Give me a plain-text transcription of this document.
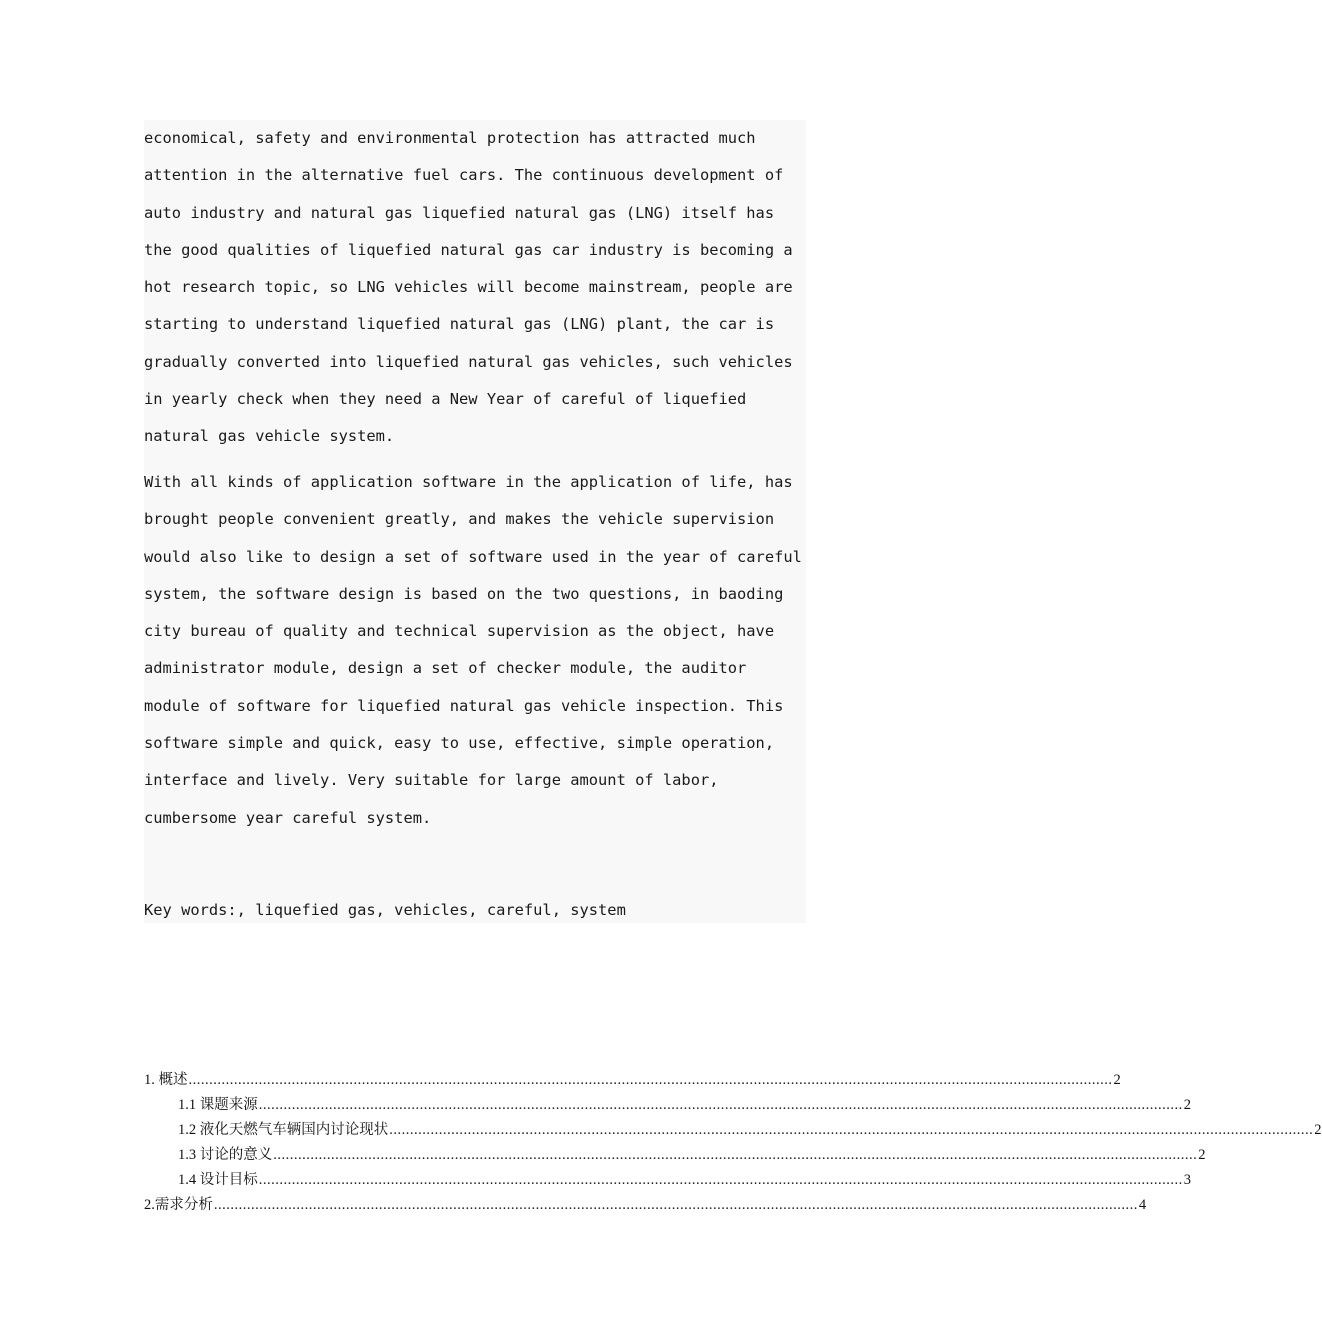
economical, safety and environmental protection has attracted much attention in the alternative fuel cars. The continuous development of auto industry and natural gas liquefied natural gas (LNG) itself has the good qualities of liquefied natural gas car industry is becoming a hot research topic, so LNG vehicles will become mainstream, people are starting to understand liquefied natural gas (LNG) plant, the car is gradually converted into liquefied natural gas vehicles, such vehicles in yearly check when they need a New Year of careful of liquefied natural gas vehicle system.

With all kinds of application software in the application of life, has brought people convenient greatly, and makes the vehicle supervision would also like to design a set of software used in the year of careful system, the software design is based on the two questions, in baoding city bureau of quality and technical supervision as the object, have administrator module, design a set of checker module, the auditor module of software for liquefied natural gas vehicle inspection. This software simple and quick, easy to use, effective, simple operation, interface and lively. Very suitable for large amount of labor, cumbersome year careful system.

Key words:, liquefied gas, vehicles, careful, system
1. 概述 ................................................................................................................................................................................................................................ 2
1.1 课题来源 ................................................................................................................................................................................................................................ 2
1.2 液化天燃气车辆国内讨论现状 ................................................................................................................................................................................................................................ 2
1.3 讨论的意义 ................................................................................................................................................................................................................................ 2
1.4 设计目标 ................................................................................................................................................................................................................................ 3
2.需求分析 ................................................................................................................................................................................................................................ 4
